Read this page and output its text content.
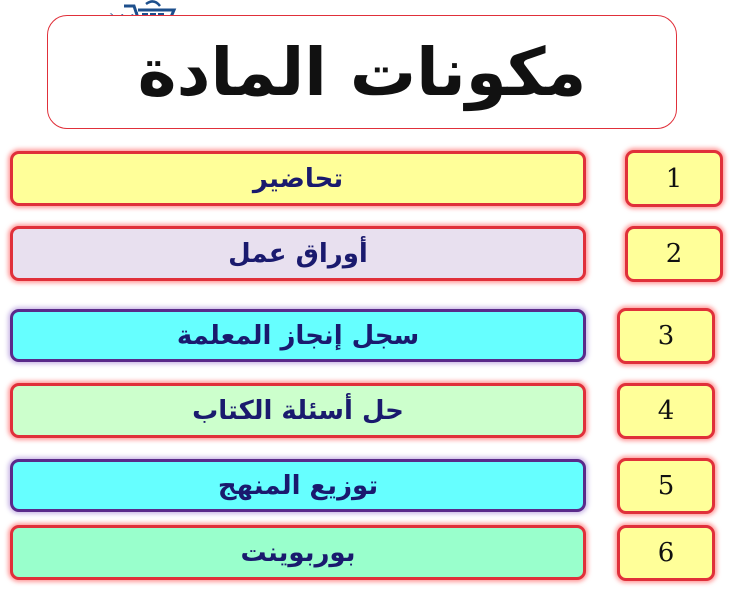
مكونات المادة
تحاضير	1
أوراق عمل	2
سجل إنجاز المعلمة	3
حل أسئلة الكتاب	4
توزيع المنهج	5
بوربوينت	6
